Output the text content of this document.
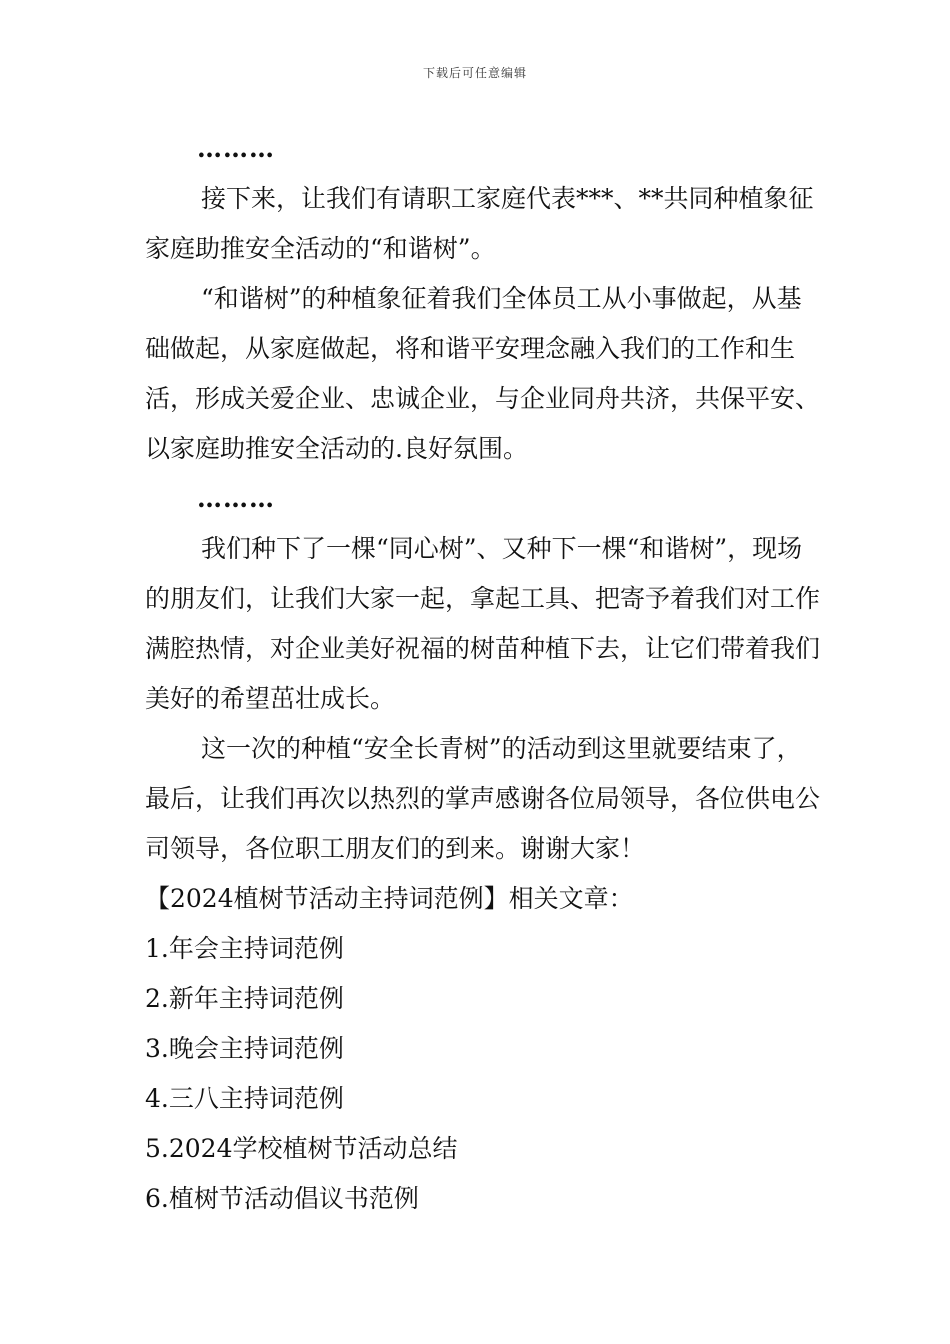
下载后可任意编辑

………

接下来，让我们有请职工家庭代表***、**共同种植象征家庭助推安全活动的“和谐树”。

“和谐树”的种植象征着我们全体员工从小事做起，从基础做起，从家庭做起，将和谐平安理念融入我们的工作和生活，形成关爱企业、忠诚企业，与企业同舟共济，共保平安、以家庭助推安全活动的.良好氛围。

………

我们种下了一棵“同心树”、又种下一棵“和谐树”，现场的朋友们，让我们大家一起，拿起工具、把寄予着我们对工作满腔热情，对企业美好祝福的树苗种植下去，让它们带着我们美好的希望茁壮成长。

这一次的种植“安全长青树”的活动到这里就要结束了，最后，让我们再次以热烈的掌声感谢各位局领导，各位供电公司领导，各位职工朋友们的到来。谢谢大家！

【2024植树节活动主持词范例】相关文章：

1.年会主持词范例
2.新年主持词范例
3.晚会主持词范例
4.三八主持词范例
5.2024学校植树节活动总结
6.植树节活动倡议书范例
